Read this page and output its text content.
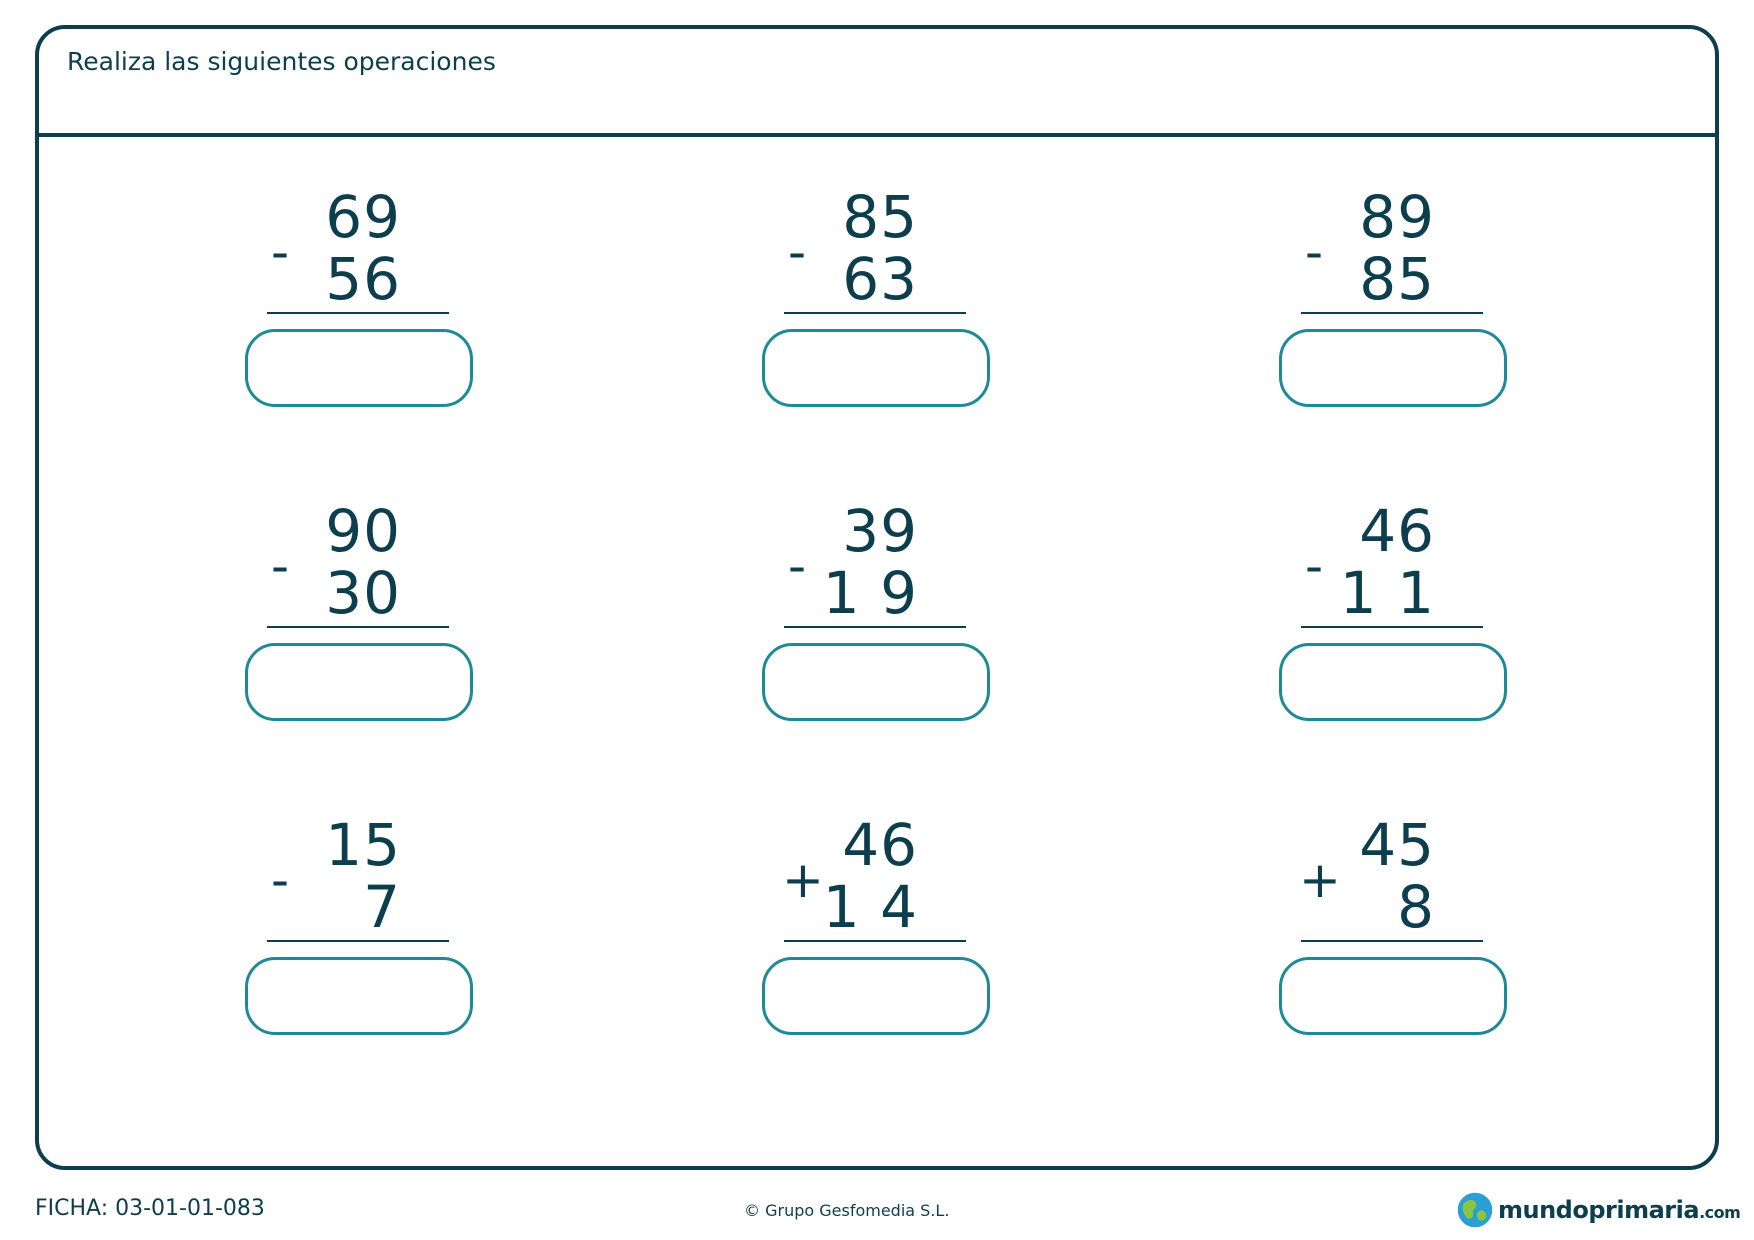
Realiza las siguientes operaciones
-
69
56	-
85
63	-
89
85
-
90
30	-
39
1 9	-
46
1 1
-
15
7	+
46
1 4	+
45
8
FICHA: 03-01-01-083	© Grupo Gesfomedia S.L.	mundoprimaria.com
